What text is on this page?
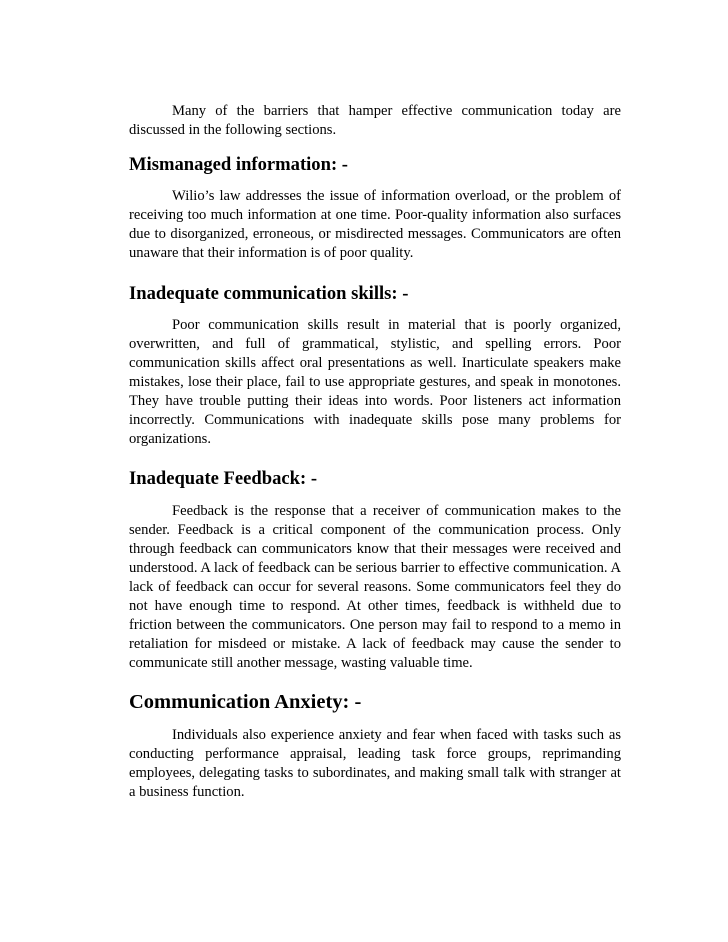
Many of the barriers that hamper effective communication today are discussed in the following sections.

Mismanaged information: -

Wilio’s law addresses the issue of information overload, or the problem of receiving too much information at one time. Poor-quality information also surfaces due to disorganized, erroneous, or misdirected messages. Communicators are often unaware that their information is of poor quality.

Inadequate communication skills: -

Poor communication skills result in material that is poorly organized, overwritten, and full of grammatical, stylistic, and spelling errors. Poor communication skills affect oral presentations as well. Inarticulate speakers make mistakes, lose their place, fail to use appropriate gestures, and speak in monotones. They have trouble putting their ideas into words. Poor listeners act information incorrectly. Communications with inadequate skills pose many problems for organizations.

Inadequate Feedback: -

Feedback is the response that a receiver of communication makes to the sender. Feedback is a critical component of the communication process. Only through feedback can communicators know that their messages were received and understood. A lack of feedback can be serious barrier to effective communication. A lack of feedback can occur for several reasons. Some communicators feel they do not have enough time to respond. At other times, feedback is withheld due to friction between the communicators. One person may fail to respond to a memo in retaliation for misdeed or mistake. A lack of feedback may cause the sender to communicate still another message, wasting valuable time.

Communication Anxiety: -

Individuals also experience anxiety and fear when faced with tasks such as conducting performance appraisal, leading task force groups, reprimanding employees, delegating tasks to subordinates, and making small talk with stranger at a business function.
